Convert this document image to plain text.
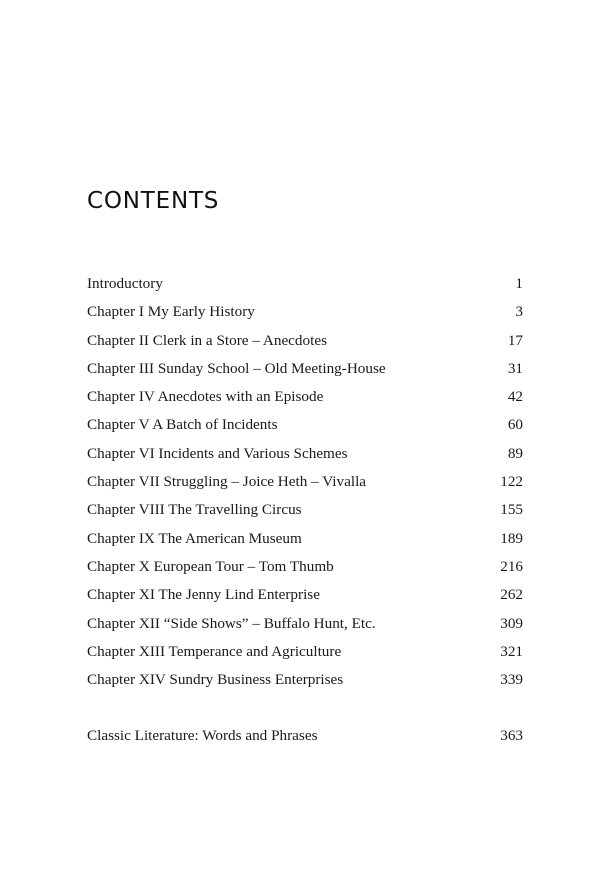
CONTENTS
Introductory	1
Chapter I My Early History	3
Chapter II Clerk in a Store – Anecdotes	17
Chapter III Sunday School – Old Meeting-House	31
Chapter IV Anecdotes with an Episode	42
Chapter V A Batch of Incidents	60
Chapter VI Incidents and Various Schemes	89
Chapter VII Struggling – Joice Heth – Vivalla	122
Chapter VIII The Travelling Circus	155
Chapter IX The American Museum	189
Chapter X European Tour – Tom Thumb	216
Chapter XI The Jenny Lind Enterprise	262
Chapter XII “Side Shows” – Buffalo Hunt, Etc.	309
Chapter XIII Temperance and Agriculture	321
Chapter XIV Sundry Business Enterprises	339
Classic Literature: Words and Phrases	363
